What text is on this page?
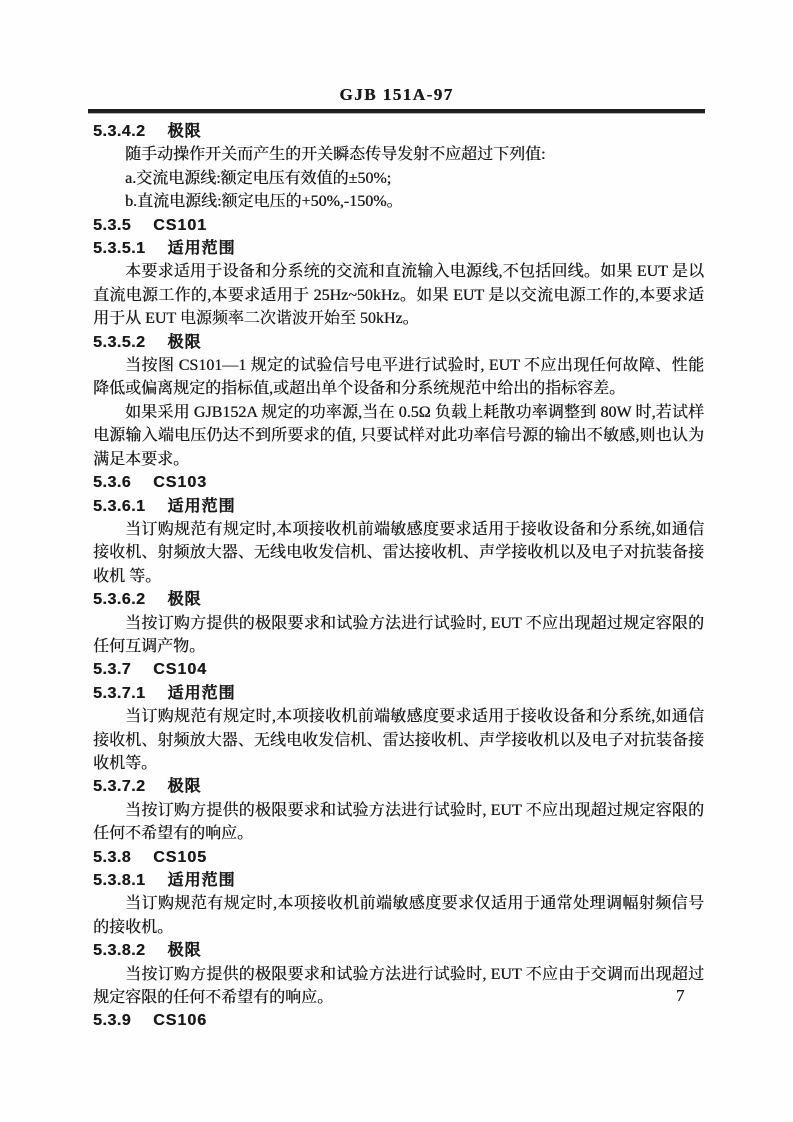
GJB 151A-97
5.3.4.2 极限
随手动操作开关而产生的开关瞬态传导发射不应超过下列值:
a.交流电源线:额定电压有效值的±50%;
b.直流电源线:额定电压的+50%,-150%。
5.3.5 CS101
5.3.5.1 适用范围
本要求适用于设备和分系统的交流和直流输入电源线,不包括回线。如果 EUT 是以直流电源工作的,本要求适用于 25Hz~50kHz。如果 EUT 是以交流电源工作的,本要求适用于从 EUT 电源频率二次谐波开始至 50kHz。
5.3.5.2 极限
当按图 CS101—1 规定的试验信号电平进行试验时, EUT 不应出现任何故障、性能降低或偏离规定的指标值,或超出单个设备和分系统规范中给出的指标容差。
如果采用 GJB152A 规定的功率源,当在 0.5Ω 负载上耗散功率调整到 80W 时,若试样电源输入端电压仍达不到所要求的值, 只要试样对此功率信号源的输出不敏感,则也认为满足本要求。
5.3.6 CS103
5.3.6.1 适用范围
当订购规范有规定时,本项接收机前端敏感度要求适用于接收设备和分系统,如通信接收机、射频放大器、无线电收发信机、雷达接收机、声学接收机以及电子对抗装备接收机 等。
5.3.6.2 极限
当按订购方提供的极限要求和试验方法进行试验时, EUT 不应出现超过规定容限的任何互调产物。
5.3.7 CS104
5.3.7.1 适用范围
当订购规范有规定时,本项接收机前端敏感度要求适用于接收设备和分系统,如通信接收机、射频放大器、无线电收发信机、雷达接收机、声学接收机以及电子对抗装备接收机等。
5.3.7.2 极限
当按订购方提供的极限要求和试验方法进行试验时, EUT 不应出现超过规定容限的任何不希望有的响应。
5.3.8 CS105
5.3.8.1 适用范围
当订购规范有规定时,本项接收机前端敏感度要求仅适用于通常处理调幅射频信号的接收机。
5.3.8.2 极限
当按订购方提供的极限要求和试验方法进行试验时, EUT 不应由于交调而出现超过规定容限的任何不希望有的响应。
5.3.9 CS106
7
